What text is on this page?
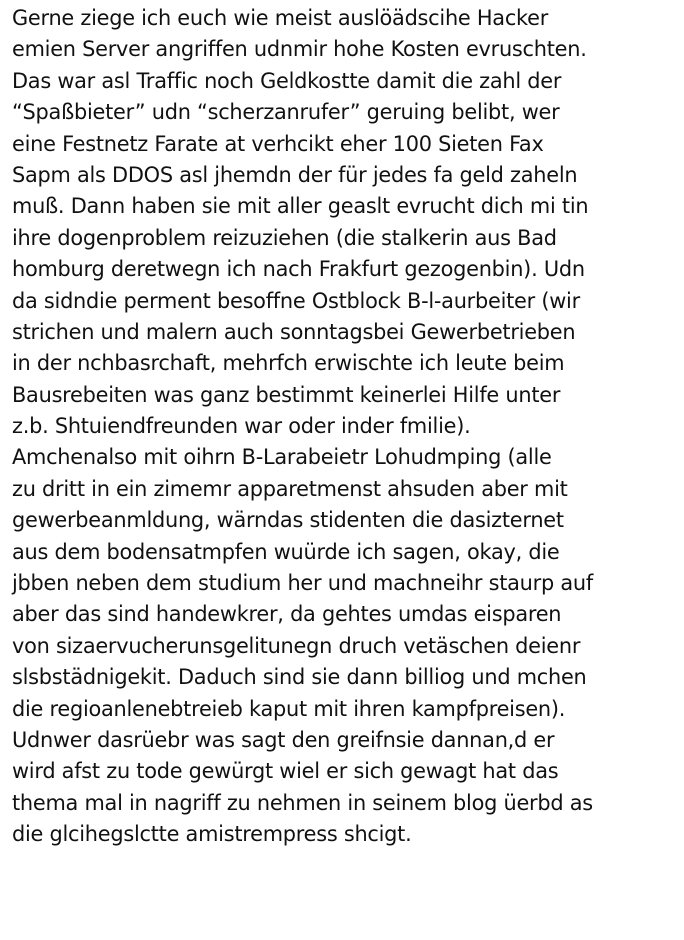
Gerne ziege ich euch wie meist auslöädscihe Hacker
emien Server angriffen udnmir hohe Kosten evruschten.
Das war asl Traffic noch Geldkostte damit die zahl der
“Spaßbieter” udn “scherzanrufer” geruing belibt, wer
eine Festnetz Farate at verhcikt eher 100 Sieten Fax
Sapm als DDOS asl jhemdn der für jedes fa geld zaheln
muß. Dann haben sie mit aller geaslt evrucht dich mi tin
ihre dogenproblem reizuziehen (die stalkerin aus Bad
homburg deretwegn ich nach Frakfurt gezogenbin). Udn
da sidndie perment besoffne Ostblock B-l-aurbeiter (wir
strichen und malern auch sonntagsbei Gewerbetrieben
in der nchbasrchaft, mehrfch erwischte ich leute beim
Bausrebeiten was ganz bestimmt keinerlei Hilfe unter
z.b. Shtuiendfreunden war oder inder fmilie).
Amchenalso mit oihrn B-Larabeietr Lohudmping (alle
zu dritt in ein zimemr apparetmenst ahsuden aber mit
gewerbeanmldung, wärndas stidenten die dasizternet
aus dem bodensatmpfen wuürde ich sagen, okay, die
jbben neben dem studium her und machneihr staurp auf
aber das sind handewkrer, da gehtes umdas eisparen
von sizaervucherunsgelitunegn druch vetäschen deienr
slsbstädnigekit. Daduch sind sie dann billiog und mchen
die regioanlenebtreieb kaput mit ihren kampfpreisen).
Udnwer dasrüebr was sagt den greifnsie dannan,d er
wird afst zu tode gewürgt wiel er sich gewagt hat das
thema mal in nagriff zu nehmen in seinem blog üerbd as
die glcihegslctte amistrempress shcigt.
